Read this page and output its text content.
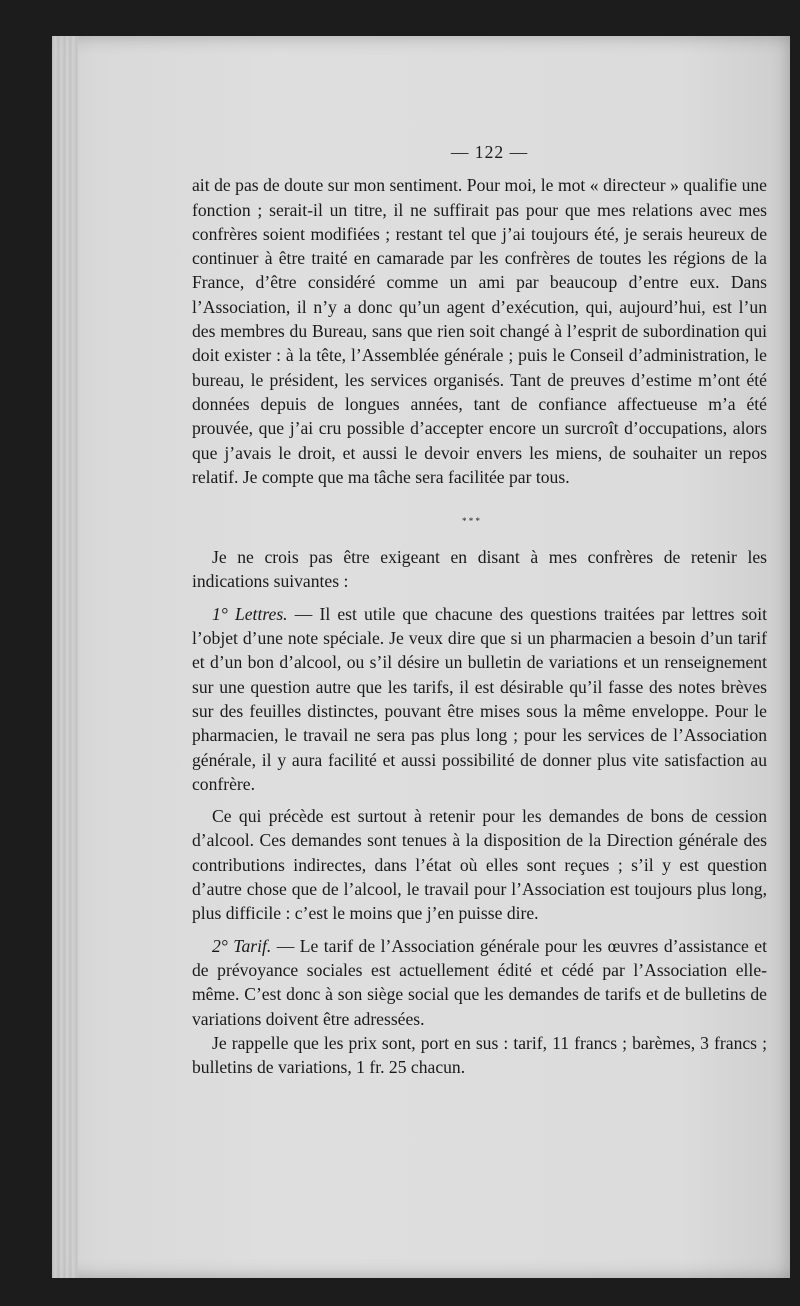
— 122 —

ait de pas de doute sur mon sentiment. Pour moi, le mot « directeur » qualifie une fonction ; serait-il un titre, il ne suffirait pas pour que mes relations avec mes confrères soient modifiées ; restant tel que j’ai toujours été, je serais heureux de continuer à être traité en camarade par les confrères de toutes les régions de la France, d’être considéré comme un ami par beaucoup d’entre eux. Dans l’Association, il n’y a donc qu’un agent d’exécution, qui, aujourd’hui, est l’un des membres du Bureau, sans que rien soit changé à l’esprit de subordination qui doit exister : à la tête, l’Assemblée générale ; puis le Conseil d’administration, le bureau, le président, les services organisés. Tant de preuves d’estime m’ont été données depuis de longues années, tant de confiance affectueuse m’a été prouvée, que j’ai cru possible d’accepter encore un surcroît d’occupations, alors que j’avais le droit, et aussi le devoir envers les miens, de souhaiter un repos relatif. Je compte que ma tâche sera facilitée par tous.

* * *

Je ne crois pas être exigeant en disant à mes confrères de retenir les indications suivantes :

1° Lettres. — Il est utile que chacune des questions traitées par lettres soit l’objet d’une note spéciale. Je veux dire que si un pharmacien a besoin d’un tarif et d’un bon d’alcool, ou s’il désire un bulletin de variations et un renseignement sur une question autre que les tarifs, il est désirable qu’il fasse des notes brèves sur des feuilles distinctes, pouvant être mises sous la même enveloppe. Pour le pharmacien, le travail ne sera pas plus long ; pour les services de l’Association générale, il y aura facilité et aussi possibilité de donner plus vite satisfaction au confrère.

Ce qui précède est surtout à retenir pour les demandes de bons de cession d’alcool. Ces demandes sont tenues à la disposition de la Direction générale des contributions indirectes, dans l’état où elles sont reçues ; s’il y est question d’autre chose que de l’alcool, le travail pour l’Association est toujours plus long, plus difficile : c’est le moins que j’en puisse dire.

2° Tarif. — Le tarif de l’Association générale pour les œuvres d’assistance et de prévoyance sociales est actuellement édité et cédé par l’Association elle-même. C’est donc à son siège social que les demandes de tarifs et de bulletins de variations doivent être adressées.

Je rappelle que les prix sont, port en sus : tarif, 11 francs ; barèmes, 3 francs ; bulletins de variations, 1 fr. 25 chacun.
